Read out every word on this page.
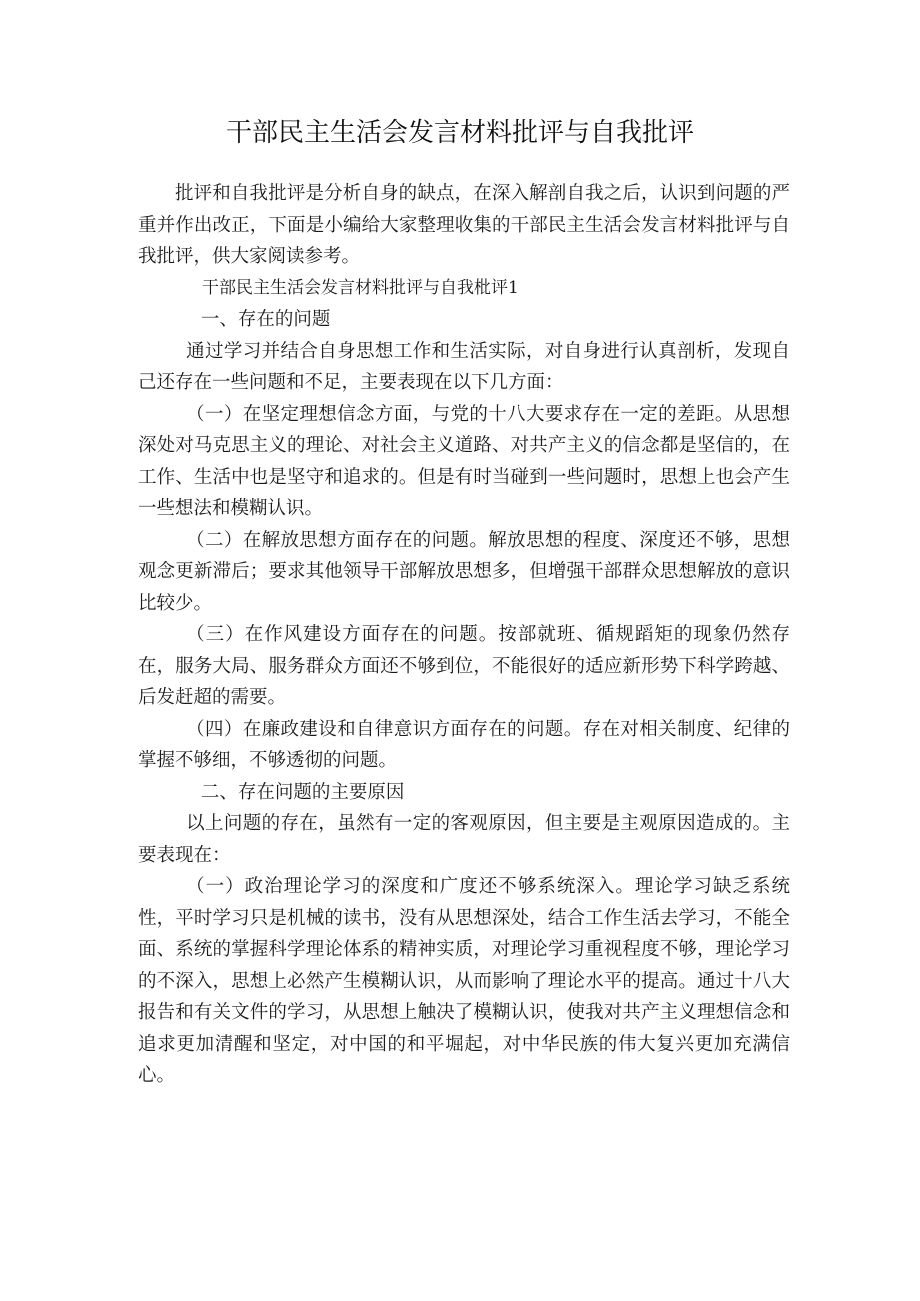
干部民主生活会发言材料批评与自我批评

批评和自我批评是分析自身的缺点，在深入解剖自我之后，认识到问题的严重并作出改正，下面是小编给大家整理收集的干部民主生活会发言材料批评与自我批评，供大家阅读参考。

干部民主生活会发言材料批评与自我枇评1

一、存在的问题

通过学习并结合自身思想工作和生活实际，对自身进行认真剖析，发现自己还存在一些问题和不足，主要表现在以下几方面：

（一）在坚定理想信念方面，与党的十八大要求存在一定的差距。从思想深处对马克思主义的理论、对社会主义道路、对共产主义的信念都是坚信的，在工作、生活中也是坚守和追求的。但是有时当碰到一些问题时，思想上也会产生一些想法和模糊认识。

（二）在解放思想方面存在的问题。解放思想的程度、深度还不够，思想观念更新滞后；要求其他领导干部解放思想多，但增强干部群众思想解放的意识比较少。

（三）在作风建设方面存在的问题。按部就班、循规蹈矩的现象仍然存在，服务大局、服务群众方面还不够到位，不能很好的适应新形势下科学跨越、后发赶超的需要。

（四）在廉政建设和自律意识方面存在的问题。存在对相关制度、纪律的掌握不够细，不够透彻的问题。

二、存在问题的主要原因

以上问题的存在，虽然有一定的客观原因，但主要是主观原因造成的。主要表现在：

（一）政治理论学习的深度和广度还不够系统深入。理论学习缺乏系统性，平时学习只是机械的读书，没有从思想深处，结合工作生活去学习，不能全面、系统的掌握科学理论体系的精神实质，对理论学习重视程度不够，理论学习的不深入，思想上必然产生模糊认识，从而影响了理论水平的提高。通过十八大报告和有关文件的学习，从思想上触决了模糊认识，使我对共产主义理想信念和追求更加清醒和坚定，对中国的和平堀起，对中华民族的伟大复兴更加充满信心。
